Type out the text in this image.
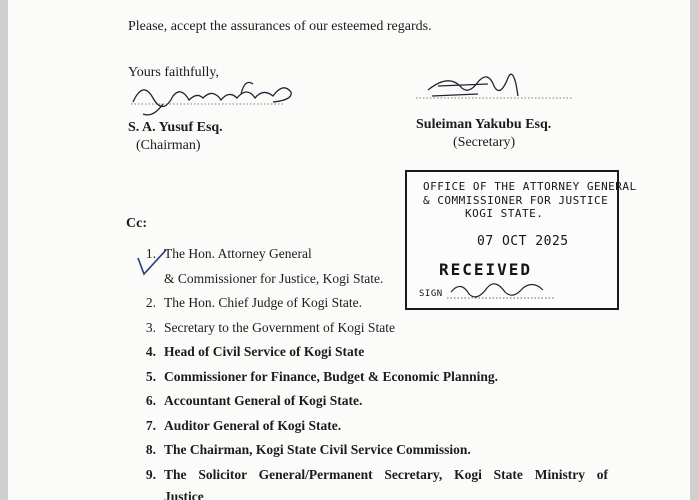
Please, accept the assurances of our esteemed regards.
Yours faithfully,
S. A. Yusuf Esq.
(Chairman)
Suleiman Yakubu Esq.
(Secretary)
OFFICE OF THE ATTORNEY GENERAL
& COMMISSIONER FOR JUSTICE
KOGI STATE.
07 OCT 2025
RECEIVED
SIGN
Cc:
1. The Hon. Attorney General
& Commissioner for Justice, Kogi State.
2. The Hon. Chief Judge of Kogi State.
3. Secretary to the Government of Kogi State
4. Head of Civil Service of Kogi State
5. Commissioner for Finance, Budget & Economic Planning.
6. Accountant General of Kogi State.
7. Auditor General of Kogi State.
8. The Chairman, Kogi State Civil Service Commission.
9. The Solicitor General/Permanent Secretary, Kogi State Ministry of
Justice
